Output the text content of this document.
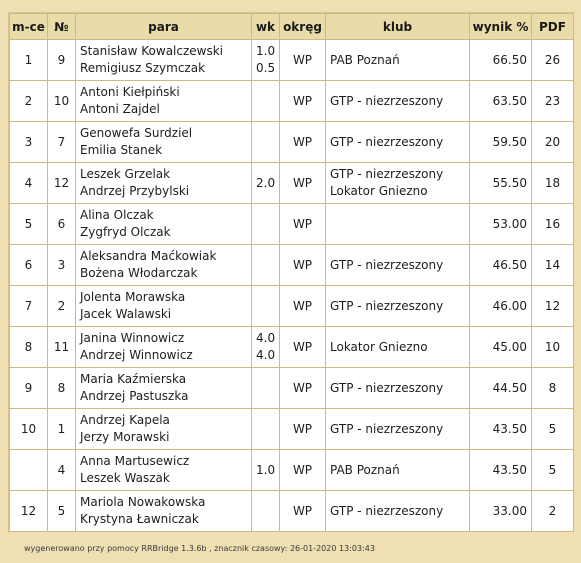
m-ce	№	para	wk	okręg	klub	wynik %	PDF
1	9	Stanisław Kowalczewski
Remigiusz Szymczak	1.0
0.5	WP	PAB Poznań	66.50	26
2	10	Antoni Kiełpiński
Antoni Zajdel		WP	GTP - niezrzeszony	63.50	23
3	7	Genowefa Surdziel
Emilia Stanek		WP	GTP - niezrzeszony	59.50	20
4	12	Leszek Grzelak
Andrzej Przybylski	2.0	WP	GTP - niezrzeszony
Lokator Gniezno	55.50	18
5	6	Alina Olczak
Zygfryd Olczak		WP		53.00	16
6	3	Aleksandra Maćkowiak
Bożena Włodarczak		WP	GTP - niezrzeszony	46.50	14
7	2	Jolenta Morawska
Jacek Walawski		WP	GTP - niezrzeszony	46.00	12
8	11	Janina Winnowicz
Andrzej Winnowicz	4.0
4.0	WP	Lokator Gniezno	45.00	10
9	8	Maria Kaźmierska
Andrzej Pastuszka		WP	GTP - niezrzeszony	44.50	8
10	1	Andrzej Kapela
Jerzy Morawski		WP	GTP - niezrzeszony	43.50	5
	4	Anna Martusewicz
Leszek Waszak	1.0	WP	PAB Poznań	43.50	5
12	5	Mariola Nowakowska
Krystyna Ławniczak		WP	GTP - niezrzeszony	33.00	2
wygenerowano przy pomocy RRBridge 1.3.6b , znacznik czasowy: 26-01-2020 13:03:43
